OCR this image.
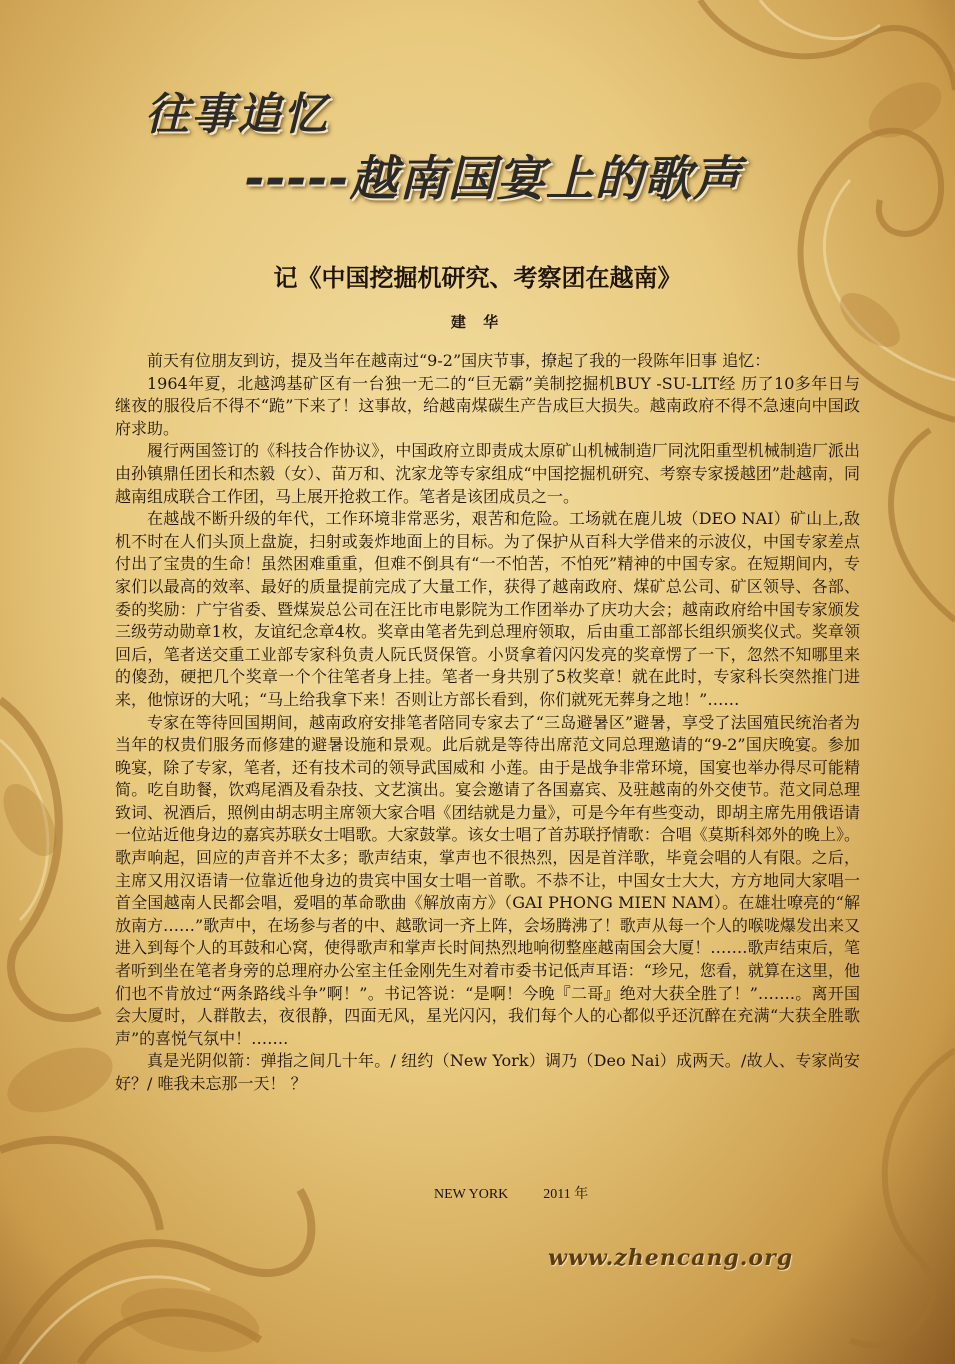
往事追忆
-----越南国宴上的歌声
记《中国挖掘机研究、考察团在越南》
建 华

前天有位朋友到访，提及当年在越南过“9-2”国庆节事，撩起了我的一段陈年旧事 追忆：

1964年夏，北越鸿基矿区有一台独一无二的“巨无霸”美制挖掘机BUY -SU-LIT经 历了10多年日与继夜的服役后不得不“跪”下来了！这事故，给越南煤碳生产告成巨大损失。越南政府不得不急速向中国政府求助。

履行两国签订的《科技合作协议》，中国政府立即责成太原矿山机械制造厂同沈阳重型机械制造厂派出由孙镇鼎任团长和杰毅（女）、苗万和、沈家龙等专家组成“中国挖掘机研究、考察专家援越团”赴越南，同越南组成联合工作团，马上展开抢救工作。笔者是该团成员之一。

在越战不断升级的年代，工作环境非常恶劣，艰苦和危险。工场就在鹿儿坡（DEO NAI）矿山上,敌机不时在人们头顶上盘旋，扫射或轰炸地面上的目标。为了保护从百科大学借来的示波仪，中国专家差点付出了宝贵的生命！虽然困难重重，但难不倒具有“一不怕苦，不怕死”精神的中国专家。在短期间内，专家们以最高的效率、最好的质量提前完成了大量工作，获得了越南政府、煤矿总公司、矿区领导、各部、委的奖励：广宁省委、暨煤炭总公司在汪比市电影院为工作团举办了庆功大会；越南政府给中国专家颁发三级劳动勋章1枚，友谊纪念章4枚。奖章由笔者先到总理府领取，后由重工部部长组织颁奖仪式。奖章领回后，笔者送交重工业部专家科负责人阮氏贤保管。小贤拿着闪闪发亮的奖章愣了一下，忽然不知哪里来的傻劲，硬把几个奖章一个个往笔者身上挂。笔者一身共别了5枚奖章！就在此时，专家科长突然推门进来，他惊讶的大吼；“马上给我拿下来！否则让方部长看到，你们就死无葬身之地！”……

专家在等待回国期间，越南政府安排笔者陪同专家去了“三岛避暑区”避暑，享受了法国殖民统治者为当年的权贵们服务而修建的避暑设施和景观。此后就是等待出席范文同总理邀请的“9-2”国庆晚宴。参加晚宴，除了专家，笔者，还有技术司的领导武国威和 小莲。由于是战争非常环境，国宴也举办得尽可能精简。吃自助餐，饮鸡尾酒及看杂技、文艺演出。宴会邀请了各国嘉宾、及驻越南的外交使节。范文同总理致词、祝酒后，照例由胡志明主席领大家合唱《团结就是力量》，可是今年有些变动，即胡主席先用俄语请一位站近他身边的嘉宾苏联女士唱歌。大家鼓掌。该女士唱了首苏联抒情歌：合唱《莫斯科郊外的晚上》。歌声响起，回应的声音并不太多；歌声结束，掌声也不很热烈，因是首洋歌，毕竟会唱的人有限。之后，主席又用汉语请一位靠近他身边的贵宾中国女士唱一首歌。不恭不让，中国女士大大，方方地同大家唱一首全国越南人民都会唱，爱唱的革命歌曲《解放南方》（GAI PHONG MIEN NAM）。在雄壮嘹亮的“解 放南方……”歌声中，在场参与者的中、越歌词一齐上阵，会场腾沸了！歌声从每一个人的喉咙爆发出来又进入到每个人的耳鼓和心窝，使得歌声和掌声长时间热烈地响彻整座越南国会大厦！…….歌声结束后，笔者听到坐在笔者身旁的总理府办公室主任金刚先生对着市委书记低声耳语：“珍兄，您看，就算在这里，他们也不肯放过“两条路线斗争”啊！”。书记答说：“是啊！今晚『二哥』绝对大获全胜了！”…….。离开国会大厦时，人群散去，夜很静，四面无风，星光闪闪，我们每个人的心都似乎还沉醉在充满“大获全胜歌声”的喜悦气氛中！…….

真是光阴似箭：弹指之间几十年。/ 纽约（New York）调乃（Deo Nai）成两天。/故人、专家尚安好？/ 唯我未忘那一天！ ？

NEW YORK          2011 年
www.zhencang.org
